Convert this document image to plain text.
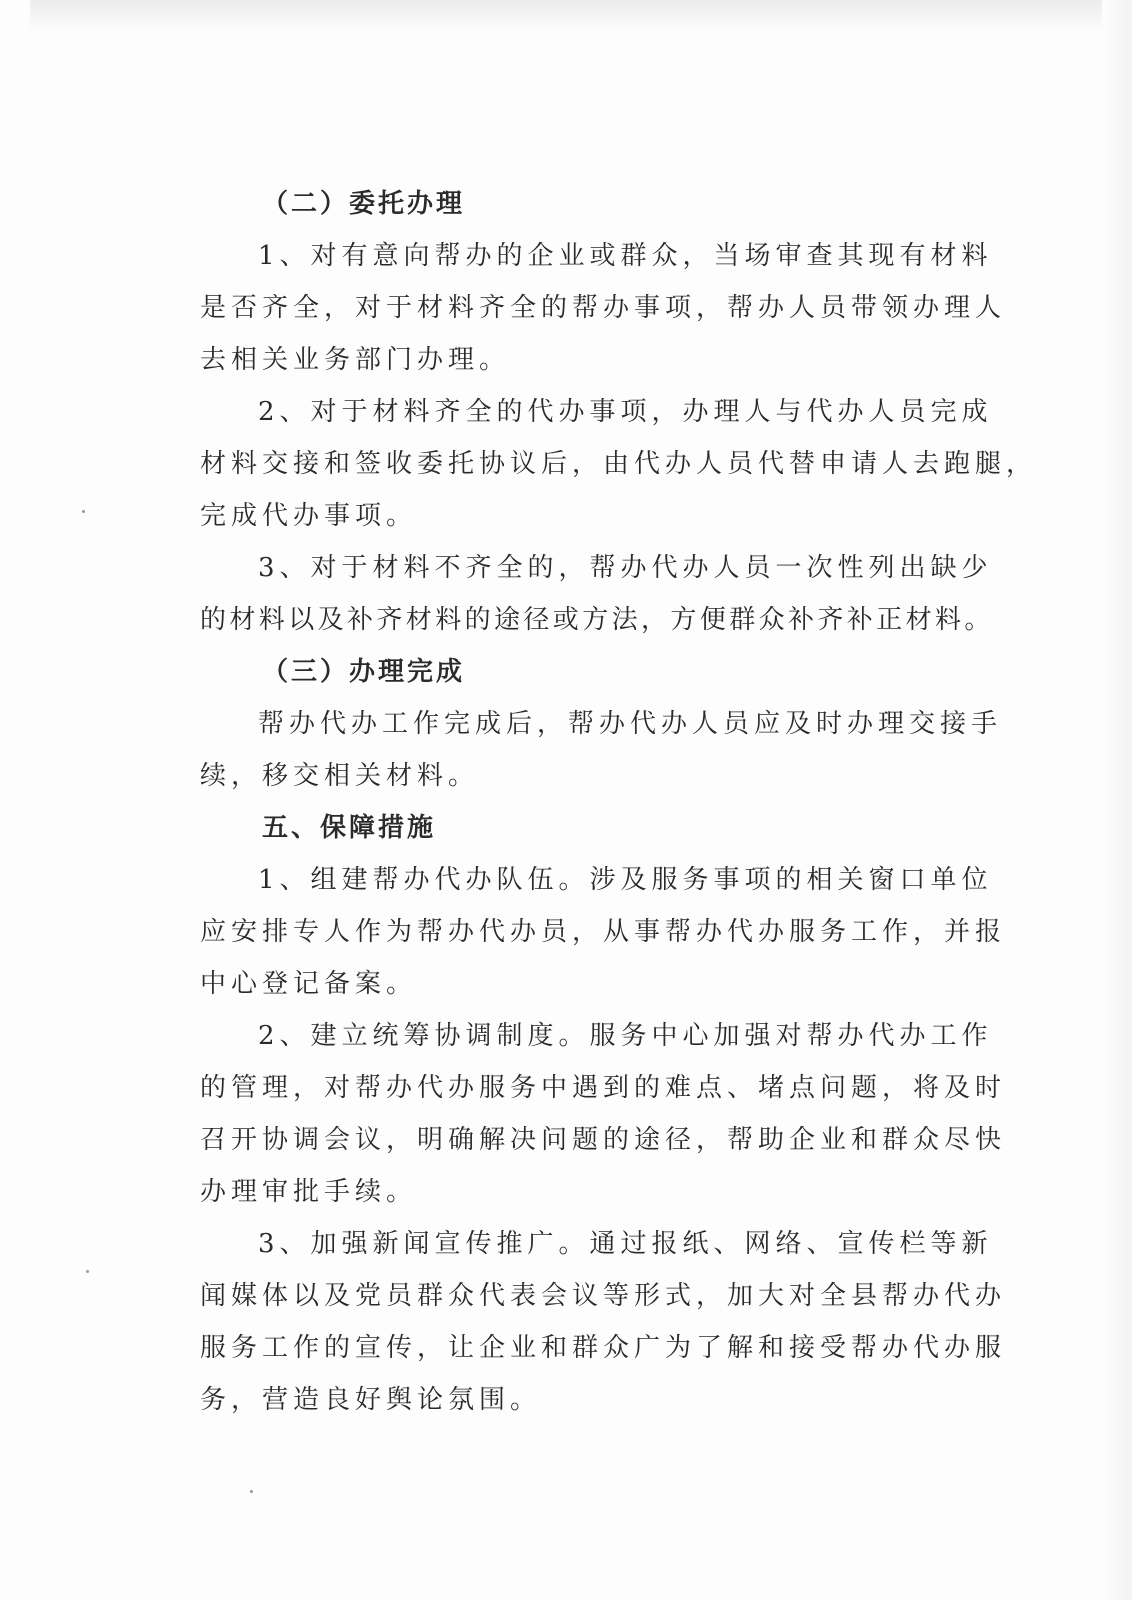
（二）委托办理
1、对有意向帮办的企业或群众，当场审查其现有材料
是否齐全，对于材料齐全的帮办事项，帮办人员带领办理人
去相关业务部门办理。
2、对于材料齐全的代办事项，办理人与代办人员完成
材料交接和签收委托协议后，由代办人员代替申请人去跑腿，
完成代办事项。
3、对于材料不齐全的，帮办代办人员一次性列出缺少
的材料以及补齐材料的途径或方法，方便群众补齐补正材料。
（三）办理完成
帮办代办工作完成后，帮办代办人员应及时办理交接手
续，移交相关材料。
五、保障措施
1、组建帮办代办队伍。涉及服务事项的相关窗口单位
应安排专人作为帮办代办员，从事帮办代办服务工作，并报
中心登记备案。
2、建立统筹协调制度。服务中心加强对帮办代办工作
的管理，对帮办代办服务中遇到的难点、堵点问题，将及时
召开协调会议，明确解决问题的途径，帮助企业和群众尽快
办理审批手续。
3、加强新闻宣传推广。通过报纸、网络、宣传栏等新
闻媒体以及党员群众代表会议等形式，加大对全县帮办代办
服务工作的宣传，让企业和群众广为了解和接受帮办代办服
务，营造良好舆论氛围。
